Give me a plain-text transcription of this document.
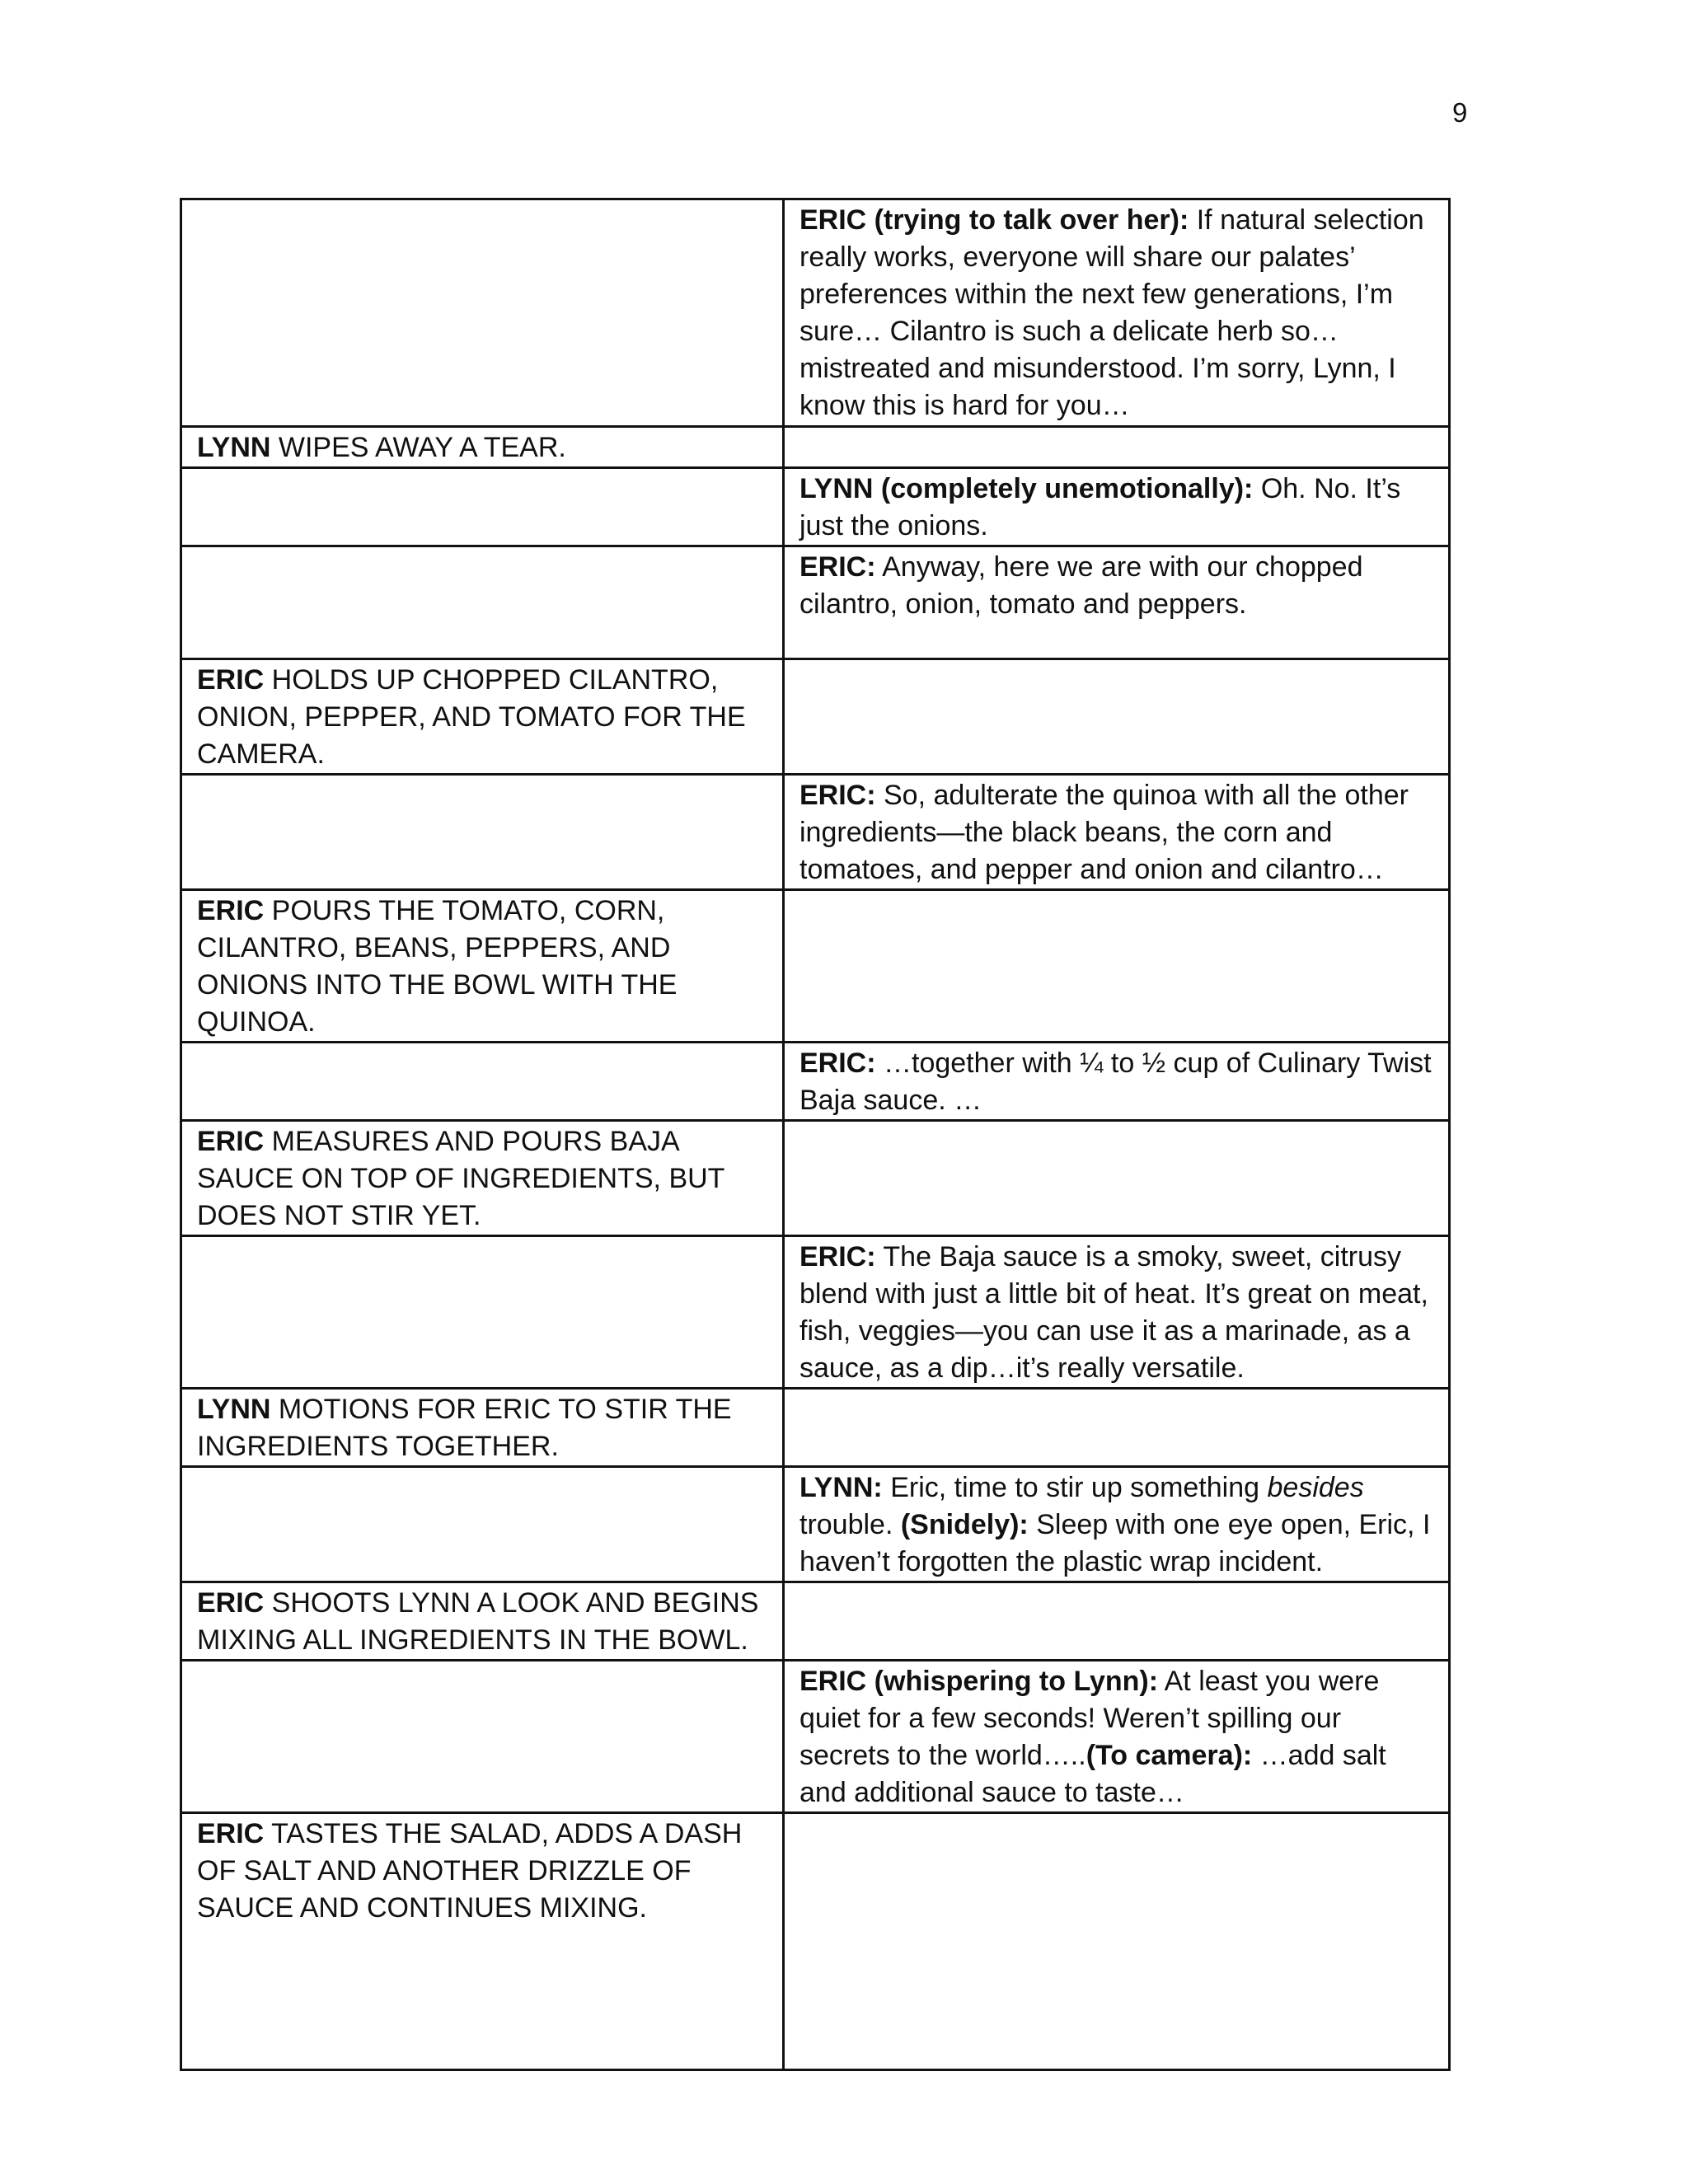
9
	ERIC (trying to talk over her): If natural selection really works, everyone will share our palates’ preferences within the next few generations, I’m sure… Cilantro is such a delicate herb so…mistreated and misunderstood. I’m sorry, Lynn, I know this is hard for you…
LYNN WIPES AWAY A TEAR.	
	LYNN (completely unemotionally): Oh. No. It’s just the onions.
	ERIC: Anyway, here we are with our chopped cilantro, onion, tomato and peppers.
ERIC HOLDS UP CHOPPED CILANTRO, ONION, PEPPER, AND TOMATO FOR THE CAMERA.	
	ERIC: So, adulterate the quinoa with all the other ingredients—the black beans, the corn and tomatoes, and pepper and onion and cilantro…
ERIC POURS THE TOMATO, CORN, CILANTRO, BEANS, PEPPERS, AND ONIONS INTO THE BOWL WITH THE QUINOA.	
	ERIC: …together with ¼ to ½ cup of Culinary Twist Baja sauce. …
ERIC MEASURES AND POURS BAJA SAUCE ON TOP OF INGREDIENTS, BUT DOES NOT STIR YET.	
	ERIC: The Baja sauce is a smoky, sweet, citrusy blend with just a little bit of heat. It’s great on meat, fish, veggies—you can use it as a marinade, as a sauce, as a dip…it’s really versatile.
LYNN MOTIONS FOR ERIC TO STIR THE INGREDIENTS TOGETHER.	
	LYNN: Eric, time to stir up something besides trouble. (Snidely): Sleep with one eye open, Eric, I haven’t forgotten the plastic wrap incident.
ERIC SHOOTS LYNN A LOOK AND BEGINS MIXING ALL INGREDIENTS IN THE BOWL.	
	ERIC (whispering to Lynn): At least you were quiet for a few seconds! Weren’t spilling our secrets to the world…..(To camera): …add salt and additional sauce to taste…
ERIC TASTES THE SALAD, ADDS A DASH OF SALT AND ANOTHER DRIZZLE OF SAUCE AND CONTINUES MIXING.	
